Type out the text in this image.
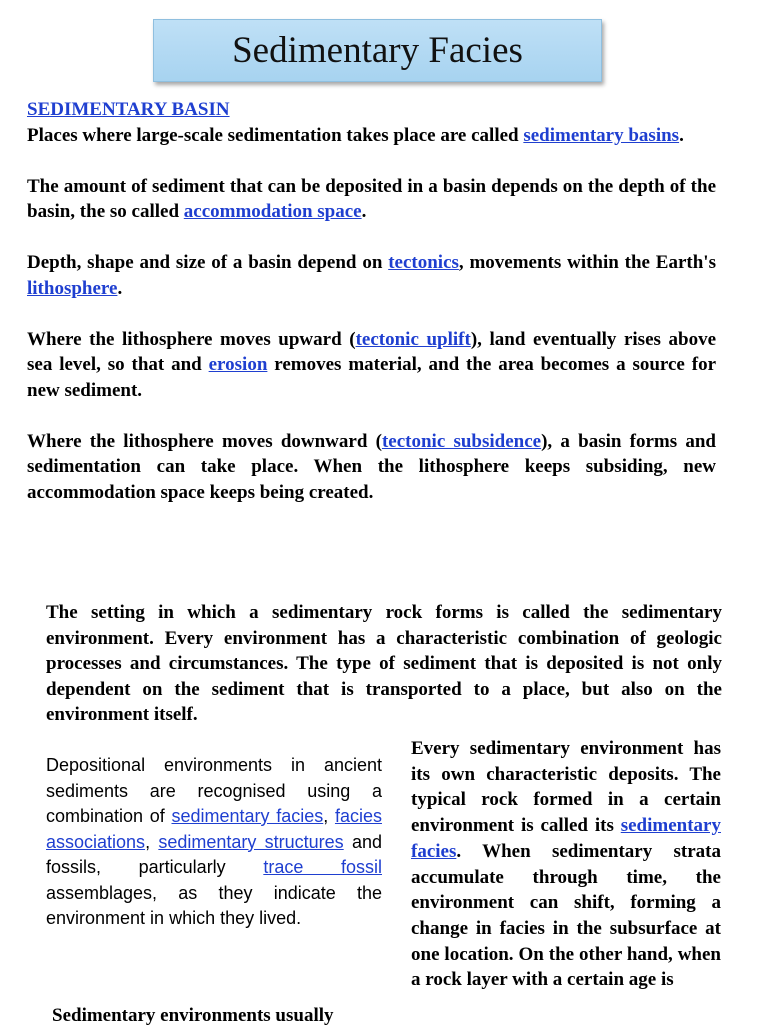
Sedimentary Facies
SEDIMENTARY BASIN

Places where large-scale sedimentation takes place are called sedimentary basins.

The amount of sediment that can be deposited in a basin depends on the depth of the basin, the so called accommodation space.

Depth, shape and size of a basin depend on tectonics, movements within the Earth's lithosphere.

Where the lithosphere moves upward (tectonic uplift), land eventually rises above sea level, so that and erosion removes material, and the area becomes a source for new sediment.

Where the lithosphere moves downward (tectonic subsidence), a basin forms and sedimentation can take place. When the lithosphere keeps subsiding, new accommodation space keeps being created.

The setting in which a sedimentary rock forms is called the sedimentary environment. Every environment has a characteristic combination of geologic processes and circumstances. The type of sediment that is deposited is not only dependent on the sediment that is transported to a place, but also on the environment itself.

Depositional environments in ancient sediments are recognised using a combination of sedimentary facies, facies associations, sedimentary structures and fossils, particularly trace fossil assemblages, as they indicate the environment in which they lived.

Every sedimentary environment has its own characteristic deposits. The typical rock formed in a certain environment is called its sedimentary facies. When sedimentary strata accumulate through time, the environment can shift, forming a change in facies in the subsurface at one location. On the other hand, when a rock layer with a certain age is

Sedimentary environments usually
